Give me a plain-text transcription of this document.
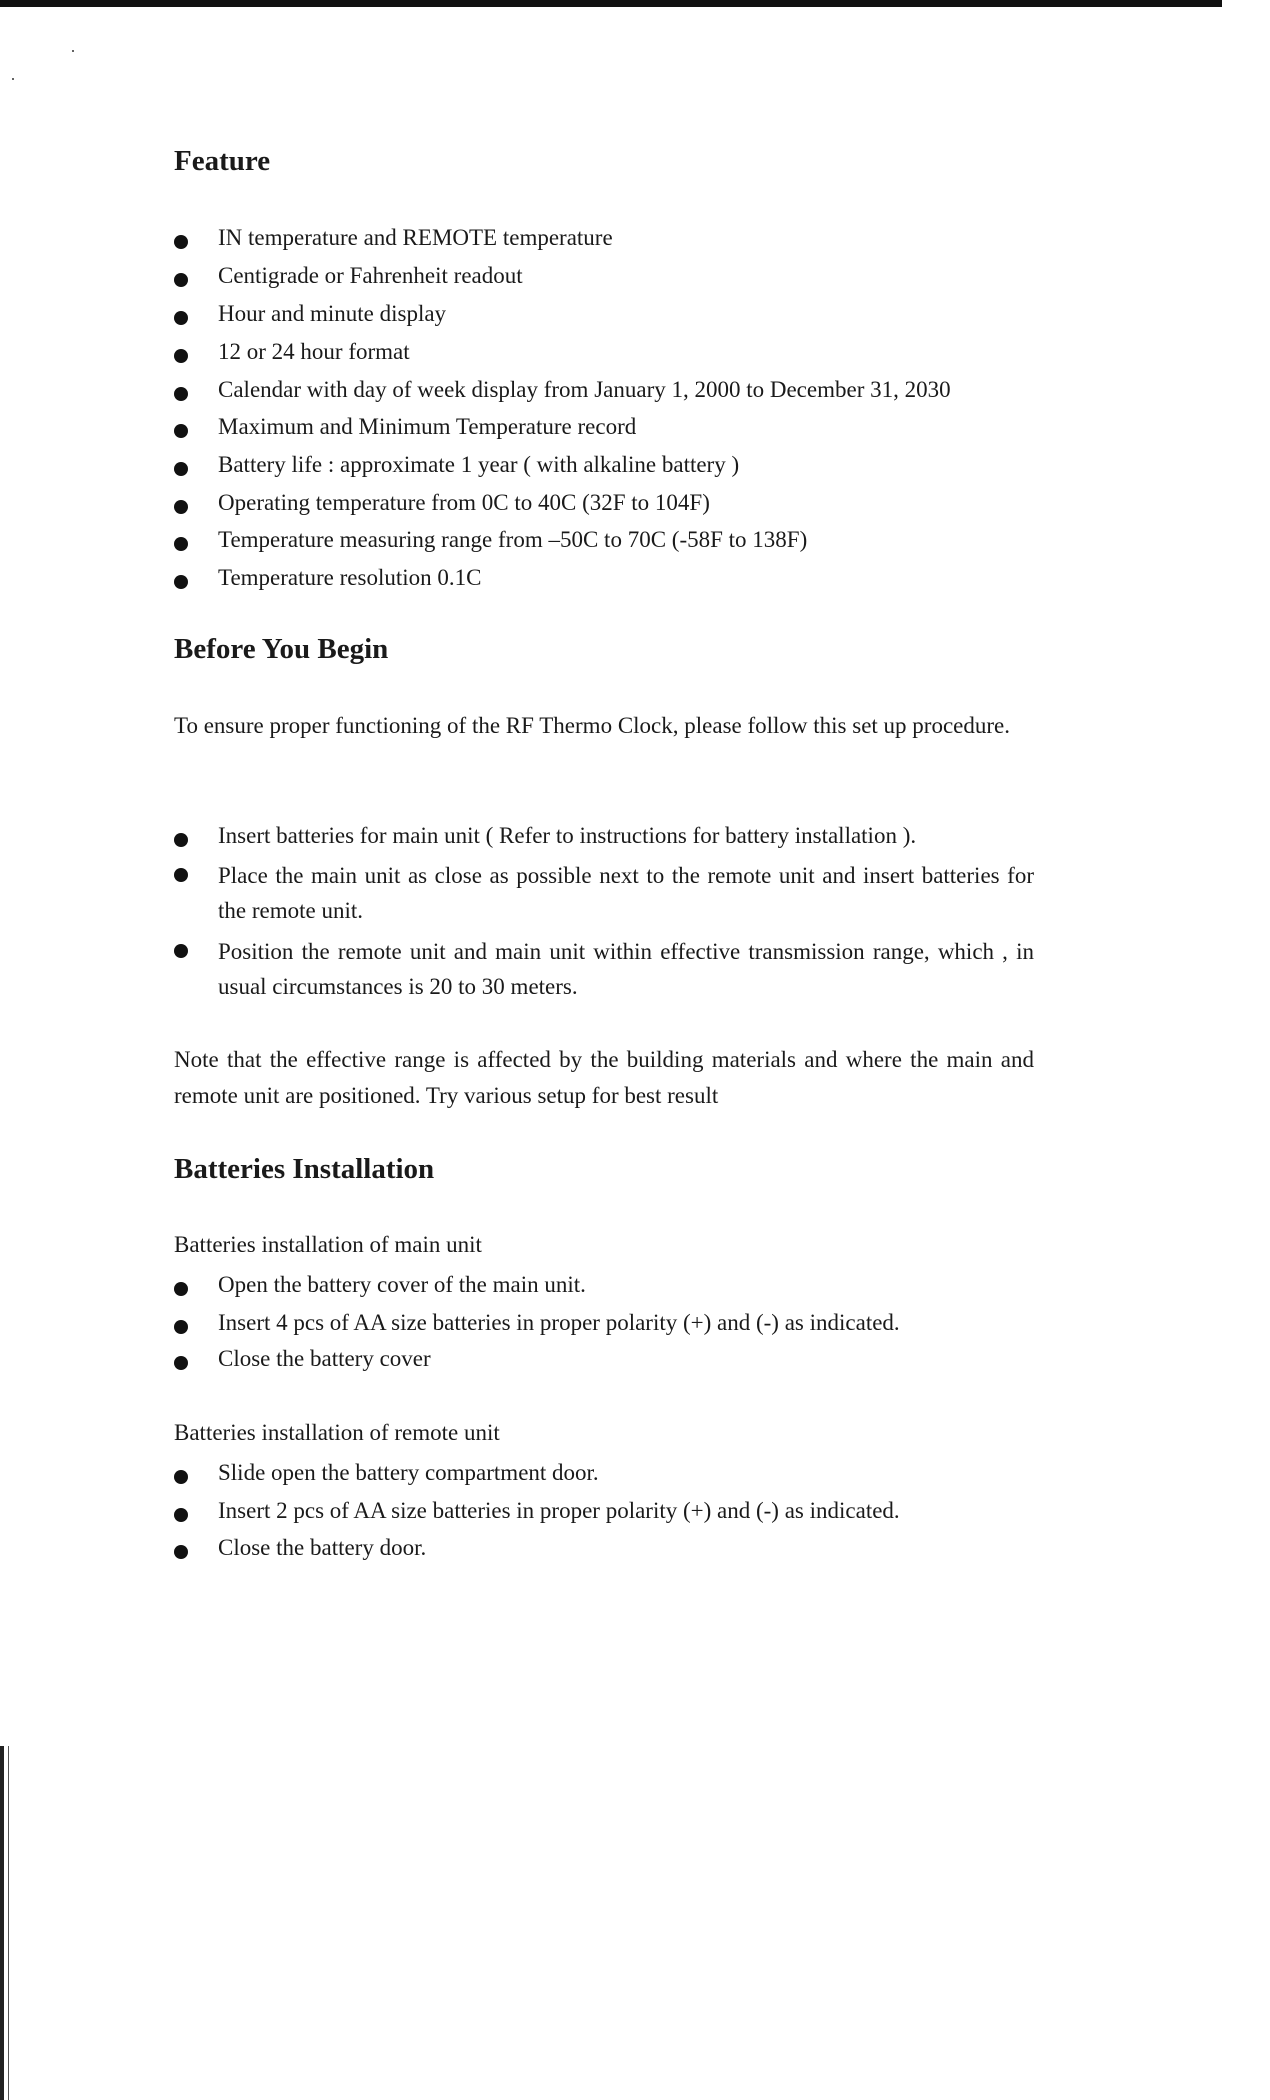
Feature
IN temperature and REMOTE temperature
Centigrade or Fahrenheit readout
Hour and minute display
12 or 24 hour format
Calendar with day of week display from January 1, 2000 to December 31, 2030
Maximum and Minimum Temperature record
Battery life : approximate 1 year ( with alkaline battery )
Operating temperature from 0C to 40C (32F to 104F)
Temperature measuring range from –50C to 70C (-58F to 138F)
Temperature resolution 0.1C
Before You Begin

To ensure proper functioning of the RF Thermo Clock, please follow this set up procedure.

Insert batteries for main unit ( Refer to instructions for battery installation ).
Place the main unit as close as possible next to the remote unit and insert batteries for the remote unit.
Position the remote unit and main unit within effective transmission range, which , in usual circumstances is 20 to 30 meters.

Note that the effective range is affected by the building materials and where the main and remote unit are positioned. Try various setup for best result

Batteries Installation
Batteries installation of main unit
Open the battery cover of the main unit.
Insert 4 pcs of AA size batteries in proper polarity (+) and (-) as indicated.
Close the battery cover
Batteries installation of remote unit
Slide open the battery compartment door.
Insert 2 pcs of AA size batteries in proper polarity (+) and (-) as indicated.
Close the battery door.
